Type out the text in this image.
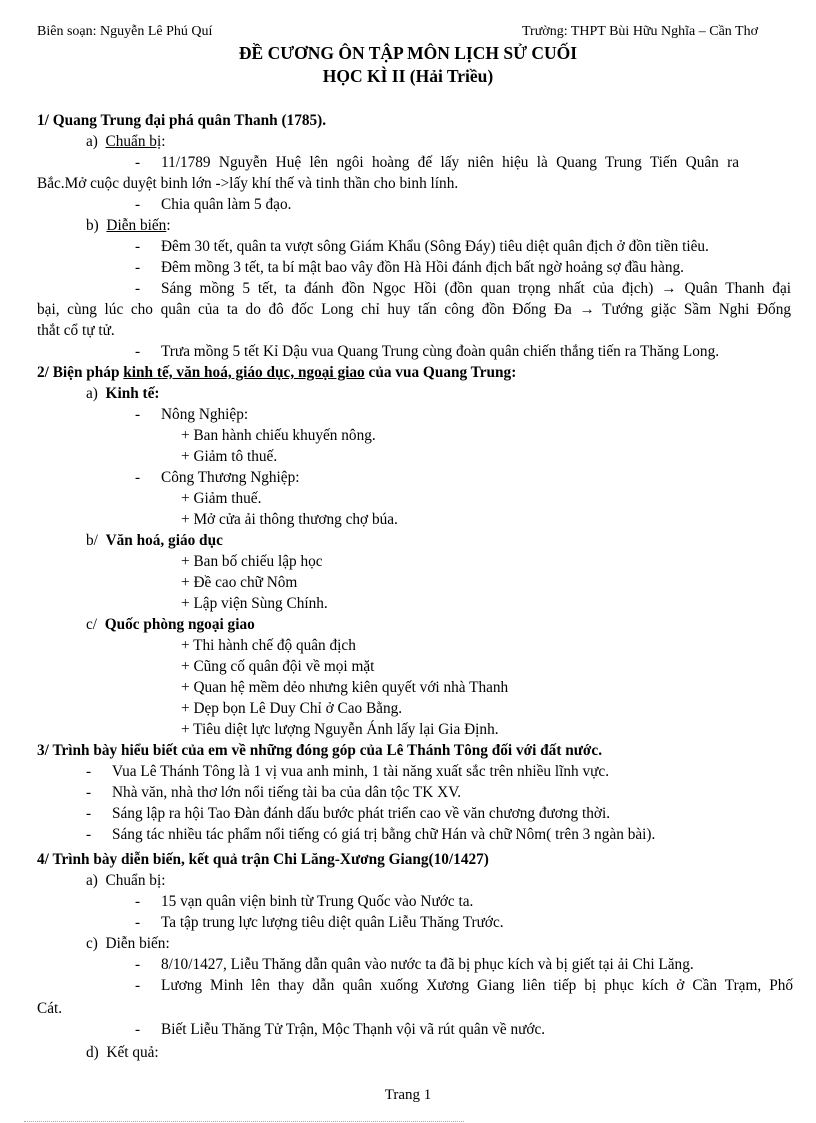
Biên soạn: Nguyễn Lê Phú Quí	Trường: THPT Bùi Hữu Nghĩa – Cần Thơ
ĐỀ CƯƠNG ÔN TẬP MÔN LỊCH SỬ CUỐI
HỌC KÌ II (Hải Triều)
1/ Quang Trung đại phá quân Thanh (1785).
a) Chuẩn bị:
- 11/1789 Nguyễn Huệ lên ngôi hoàng đế lấy niên hiệu là Quang Trung Tiến Quân ra
Bắc.Mở cuộc duyệt binh lớn ->lấy khí thế và tinh thần cho binh lính.
- Chia quân làm 5 đạo.
b) Diễn biến:
- Đêm 30 tết, quân ta vượt sông Giám Khẩu (Sông Đáy) tiêu diệt quân địch ở đồn tiền tiêu.
- Đêm mồng 3 tết, ta bí mật bao vây đồn Hà Hồi đánh địch bất ngờ hoảng sợ đầu hàng.
- Sáng mồng 5 tết, ta đánh đồn Ngọc Hồi (đồn quan trọng nhất của địch) → Quân Thanh đại
bại, cùng lúc cho quân của ta do đô đốc Long chỉ huy tấn công đồn Đống Đa → Tướng giặc Sầm Nghi Đống
thắt cổ tự tử.
- Trưa mồng 5 tết Kỉ Dậu vua Quang Trung cùng đoàn quân chiến thắng tiến ra Thăng Long.
2/ Biện pháp kinh tế, văn hoá, giáo dục, ngoại giao của vua Quang Trung:
a) Kinh tế:
- Nông Nghiệp:
+ Ban hành chiếu khuyến nông.
+ Giảm tô thuế.
- Công Thương Nghiệp:
+ Giảm thuế.
+ Mở cửa ải thông thương chợ búa.
b/ Văn hoá, giáo dục
+ Ban bố chiếu lập học
+ Đề cao chữ Nôm
+ Lập viện Sùng Chính.
c/ Quốc phòng ngoại giao
+ Thi hành chế độ quân địch
+ Cũng cố quân đội về mọi mặt
+ Quan hệ mềm dẻo nhưng kiên quyết với nhà Thanh
+ Dẹp bọn Lê Duy Chỉ ở Cao Bằng.
+ Tiêu diệt lực lượng Nguyễn Ánh lấy lại Gia Định.
3/ Trình bày hiểu biết của em về những đóng góp của Lê Thánh Tông đối với đất nước.
- Vua Lê Thánh Tông là 1 vị vua anh minh, 1 tài năng xuất sắc trên nhiều lĩnh vực.
- Nhà văn, nhà thơ lớn nổi tiếng tài ba của dân tộc TK XV.
- Sáng lập ra hội Tao Đàn đánh dấu bước phát triển cao về văn chương đương thời.
- Sáng tác nhiều tác phẩm nổi tiếng có giá trị bằng chữ Hán và chữ Nôm( trên 3 ngàn bài).
4/ Trình bày diễn biến, kết quả trận Chi Lăng-Xương Giang(10/1427)
a) Chuẩn bị:
- 15 vạn quân viện binh từ Trung Quốc vào Nước ta.
- Ta tập trung lực lượng tiêu diệt quân Liễu Thăng Trước.
c) Diễn biến:
- 8/10/1427, Liễu Thăng dẫn quân vào nước ta đã bị phục kích và bị giết tại ải Chi Lăng.
- Lương Minh lên thay dẫn quân xuống Xương Giang liên tiếp bị phục kích ở Cần Trạm, Phố
Cát.
- Biết Liễu Thăng Tử Trận, Mộc Thạnh vội vã rút quân về nước.
d) Kết quả:
Trang 1
